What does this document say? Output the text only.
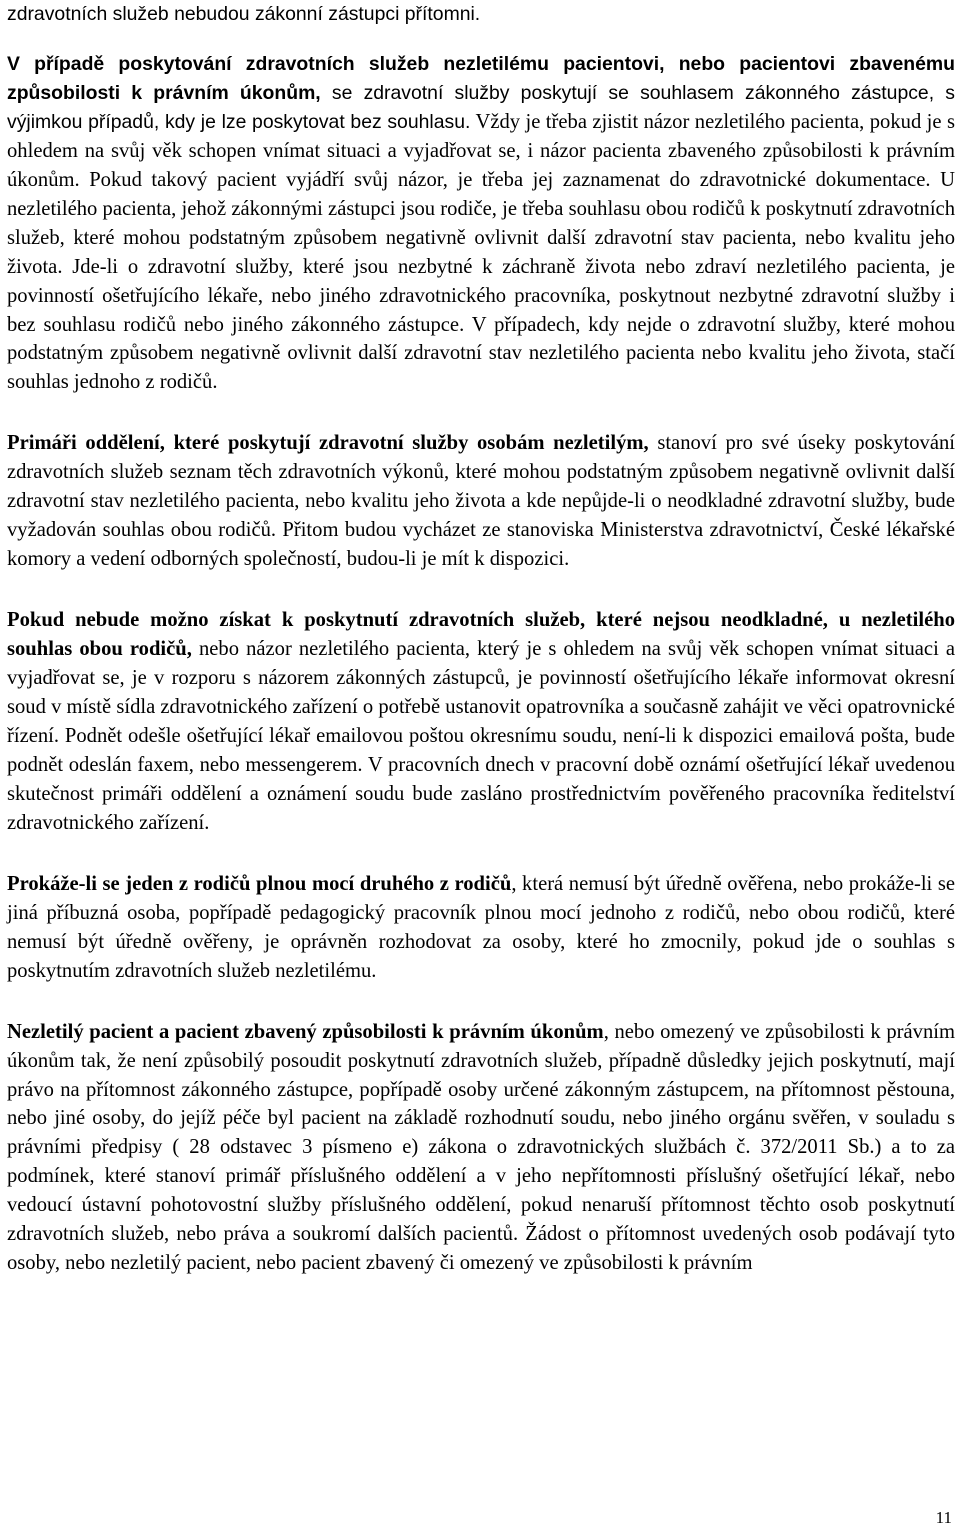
zdravotních služeb nebudou zákonní zástupci přítomni.

V případě poskytování zdravotních služeb nezletilému pacientovi, nebo pacientovi zbavenému způsobilosti k právním úkonům, se zdravotní služby poskytují se souhlasem zákonného zástupce, s výjimkou případů, kdy je lze poskytovat bez souhlasu. Vždy je třeba zjistit názor nezletilého pacienta, pokud je s ohledem na svůj věk schopen vnímat situaci a vyjadřovat se, i názor pacienta zbaveného způsobilosti k právním úkonům. Pokud takový pacient vyjádří svůj názor, je třeba jej zaznamenat do zdravotnické dokumentace. U nezletilého pacienta, jehož zákonnými zástupci jsou rodiče, je třeba souhlasu obou rodičů k poskytnutí zdravotních služeb, které mohou podstatným způsobem negativně ovlivnit další zdravotní stav pacienta, nebo kvalitu jeho života. Jde-li o zdravotní služby, které jsou nezbytné k záchraně života nebo zdraví nezletilého pacienta, je povinností ošetřujícího lékaře, nebo jiného zdravotnického pracovníka, poskytnout nezbytné zdravotní služby i bez souhlasu rodičů nebo jiného zákonného zástupce. V případech, kdy nejde o zdravotní služby, které mohou podstatným způsobem negativně ovlivnit další zdravotní stav nezletilého pacienta nebo kvalitu jeho života, stačí souhlas jednoho z rodičů.

Primáři oddělení, které poskytují zdravotní služby osobám nezletilým, stanoví pro své úseky poskytování zdravotních služeb seznam těch zdravotních výkonů, které mohou podstatným způsobem negativně ovlivnit další zdravotní stav nezletilého pacienta, nebo kvalitu jeho života a kde nepůjde-li o neodkladné zdravotní služby, bude vyžadován souhlas obou rodičů. Přitom budou vycházet ze stanoviska Ministerstva zdravotnictví, České lékařské komory a vedení odborných společností, budou-li je mít k dispozici.

Pokud nebude možno získat k poskytnutí zdravotních služeb, které nejsou neodkladné, u nezletilého souhlas obou rodičů, nebo názor nezletilého pacienta, který je s ohledem na svůj věk schopen vnímat situaci a vyjadřovat se, je v rozporu s názorem zákonných zástupců, je povinností ošetřujícího lékaře informovat okresní soud v místě sídla zdravotnického zařízení o potřebě ustanovit opatrovníka a současně zahájit ve věci opatrovnické řízení. Podnět odešle ošetřující lékař emailovou poštou okresnímu soudu, není-li k dispozici emailová pošta, bude podnět odeslán faxem, nebo messengerem. V pracovních dnech v pracovní době oznámí ošetřující lékař uvedenou skutečnost primáři oddělení a oznámení soudu bude zasláno prostřednictvím pověřeného pracovníka ředitelství zdravotnického zařízení.

Prokáže-li se jeden z rodičů plnou mocí druhého z rodičů, která nemusí být úředně ověřena, nebo prokáže-li se jiná příbuzná osoba, popřípadě pedagogický pracovník plnou mocí jednoho z rodičů, nebo obou rodičů, které nemusí být úředně ověřeny, je oprávněn rozhodovat za osoby, které ho zmocnily, pokud jde o souhlas s poskytnutím zdravotních služeb nezletilému.

Nezletilý pacient a pacient zbavený způsobilosti k právním úkonům, nebo omezený ve způsobilosti k právním úkonům tak, že není způsobilý posoudit poskytnutí zdravotních služeb, případně důsledky jejich poskytnutí, mají právo na přítomnost zákonného zástupce, popřípadě osoby určené zákonným zástupcem, na přítomnost pěstouna, nebo jiné osoby, do jejíž péče byl pacient na základě rozhodnutí soudu, nebo jiného orgánu svěřen, v souladu s právními předpisy ( 28 odstavec 3 písmeno e) zákona o zdravotnických službách č. 372/2011 Sb.) a to za podmínek, které stanoví primář příslušného oddělení a v jeho nepřítomnosti příslušný ošetřující lékař, nebo vedoucí ústavní pohotovostní služby příslušného oddělení, pokud nenaruší přítomnost těchto osob poskytnutí zdravotních služeb, nebo práva a soukromí dalších pacientů. Žádost o přítomnost uvedených osob podávají tyto osoby, nebo nezletilý pacient, nebo pacient zbavený či omezený ve způsobilosti k právním

11
